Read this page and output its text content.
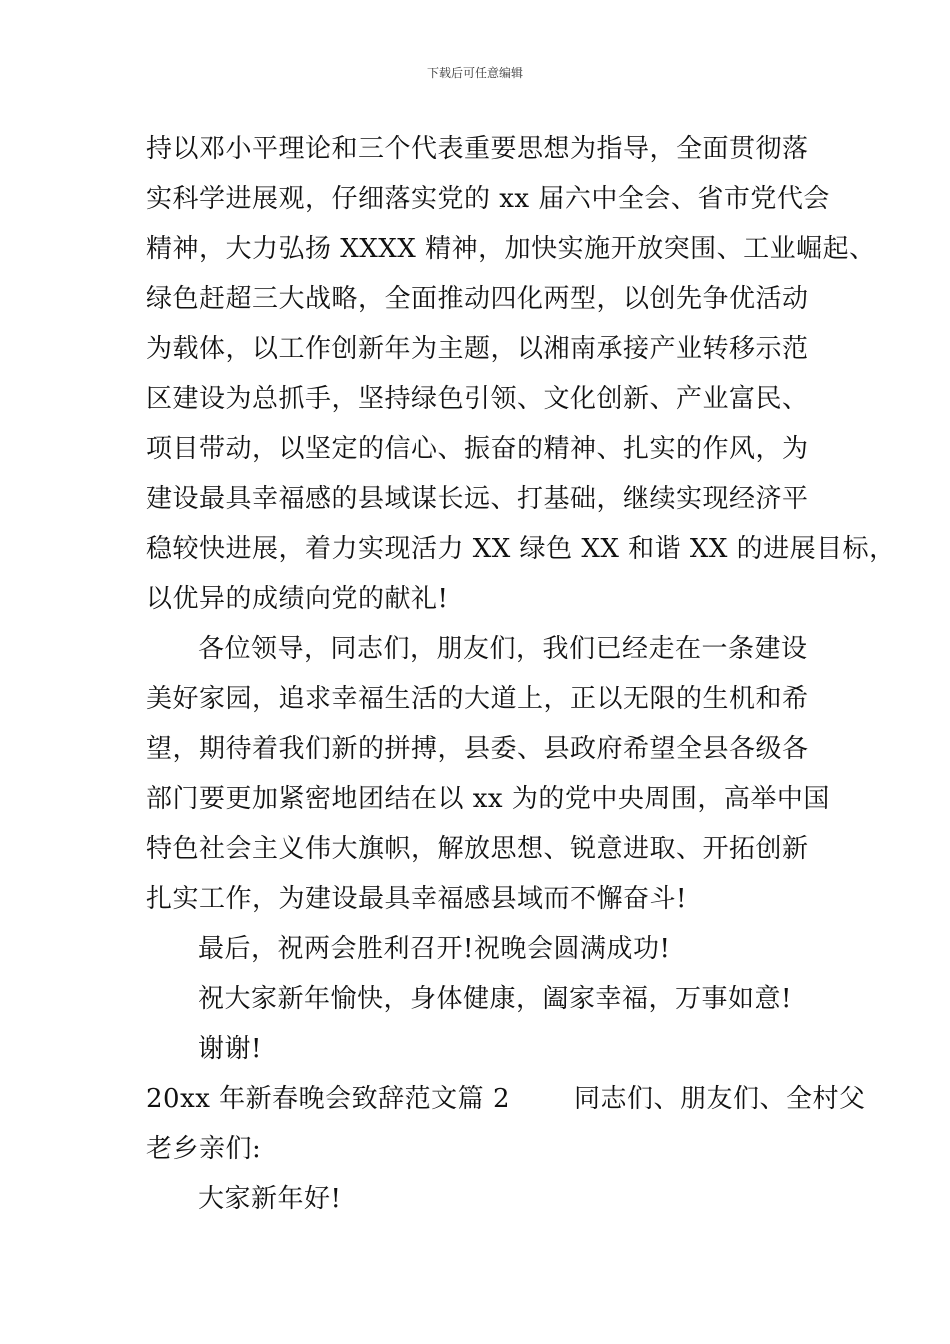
下载后可任意编辑
持以邓小平理论和三个代表重要思想为指导，全面贯彻落
实科学进展观，仔细落实党的 xx 届六中全会、省市党代会
精神，大力弘扬 XXXX 精神，加快实施开放突围、工业崛起、
绿色赶超三大战略，全面推动四化两型，以创先争优活动
为载体，以工作创新年为主题，以湘南承接产业转移示范
区建设为总抓手，坚持绿色引领、文化创新、产业富民、
项目带动，以坚定的信心、振奋的精神、扎实的作风，为
建设最具幸福感的县域谋长远、打基础，继续实现经济平
稳较快进展，着力实现活力 XX 绿色 XX 和谐 XX 的进展目标，
以优异的成绩向党的献礼!
各位领导，同志们，朋友们，我们已经走在一条建设
美好家园，追求幸福生活的大道上，正以无限的生机和希
望，期待着我们新的拼搏，县委、县政府希望全县各级各
部门要更加紧密地团结在以 xx 为的党中央周围，高举中国
特色社会主义伟大旗帜，解放思想、锐意进取、开拓创新
扎实工作，为建设最具幸福感县域而不懈奋斗!
最后，祝两会胜利召开!祝晚会圆满成功!
祝大家新年愉快，身体健康，阖家幸福，万事如意!
谢谢!
20xx 年新春晚会致辞范文篇 2 同志们、朋友们、全村父
老乡亲们:
大家新年好!
